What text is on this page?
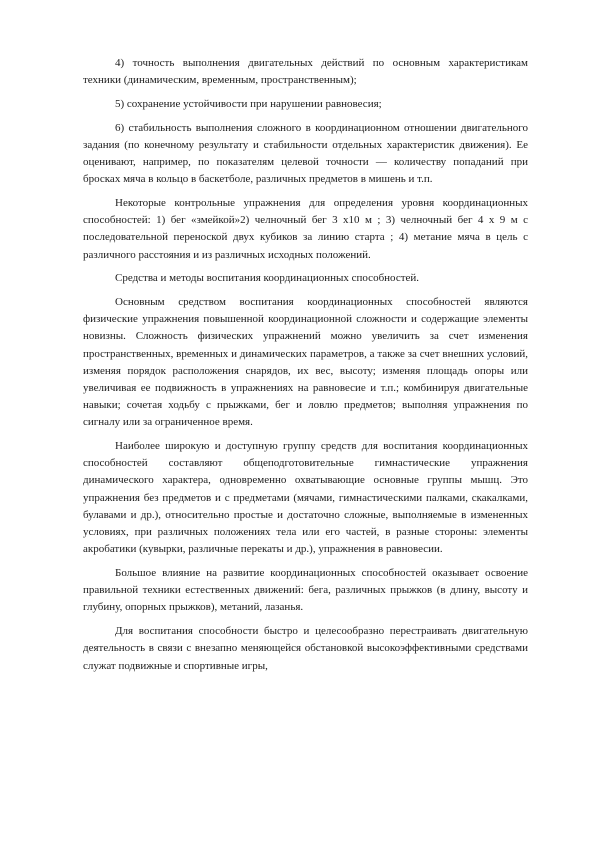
4) точность выполнения двигательных действий по основным характеристикам техники (динамическим, временным, пространственным);

5) сохранение устойчивости при нарушении равновесия;

6) стабильность выполнения сложного в координационном отношении двигательного задания (по конечному результату и стабильности отдельных характеристик движения). Ее оценивают, например, по показателям целевой точности — количеству попаданий при бросках мяча в кольцо в баскетболе, различных предметов в мишень и т.п.

Некоторые контрольные упражнения для определения уровня координационных способностей: 1) бег «змейкой»2) челночный бег 3 х10 м ; 3) челночный бег 4 х 9 м с последовательной переноской двух кубиков за линию старта ; 4) метание мяча в цель с различного расстояния и из различных исходных положений.

Средства и методы воспитания координационных способностей.

Основным средством воспитания координационных способностей являются физические упражнения повышенной координационной сложности и содержащие элементы новизны. Сложность физических упражнений можно увеличить за счет изменения пространственных, временных и динамических параметров, а также за счет внешних условий, изменяя порядок расположения снарядов, их вес, высоту; изменяя площадь опоры или увеличивая ее подвижность в упражнениях на равновесие и т.п.; комбинируя двигательные навыки; сочетая ходьбу с прыжками, бег и ловлю предметов; выполняя упражнения по сигналу или за ограниченное время.

Наиболее широкую и доступную группу средств для воспитания координационных способностей составляют общеподготовительные гимнастические упражнения динамического характера, одновременно охватывающие основные группы мышц. Это упражнения без предметов и с предметами (мячами, гимнастическими палками, скакалками, булавами и др.), относительно простые и достаточно сложные, выполняемые в измененных условиях, при различных положениях тела или его частей, в разные стороны: элементы акробатики (кувырки, различные перекаты и др.), упражнения в равновесии.

Большое влияние на развитие координационных способностей оказывает освоение правильной техники естественных движений: бега, различных прыжков (в длину, высоту и глубину, опорных прыжков), метаний, лазанья.

Для воспитания способности быстро и целесообразно перестраивать двигательную деятельность в связи с внезапно меняющейся обстановкой высокоэффективными средствами служат подвижные и спортивные игры,
